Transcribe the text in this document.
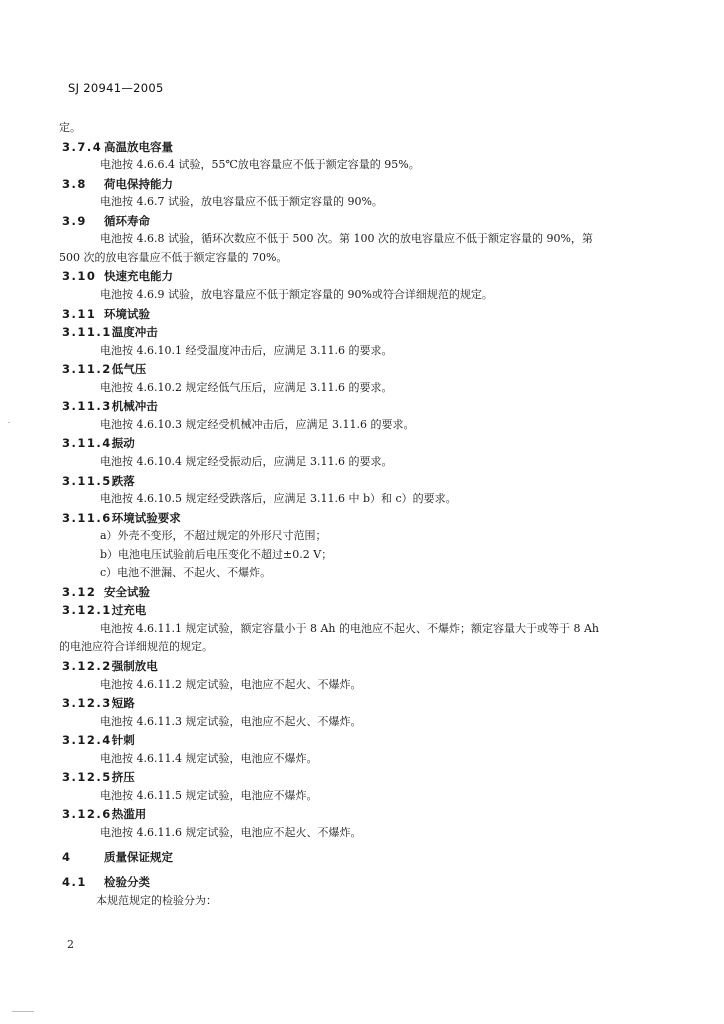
SJ 20941—2005
定。
3.7.4 高温放电容量
电池按 4.6.6.4 试验，55℃放电容量应不低于额定容量的 95%。
3.8 荷电保持能力
电池按 4.6.7 试验，放电容量应不低于额定容量的 90%。
3.9 循环寿命
电池按 4.6.8 试验，循环次数应不低于 500 次。第 100 次的放电容量应不低于额定容量的 90%，第
500 次的放电容量应不低于额定容量的 70%。
3.10 快速充电能力
电池按 4.6.9 试验，放电容量应不低于额定容量的 90%或符合详细规范的规定。
3.11 环境试验
3.11.1温度冲击
电池按 4.6.10.1 经受温度冲击后，应满足 3.11.6 的要求。
3.11.2低气压
电池按 4.6.10.2 规定经低气压后，应满足 3.11.6 的要求。
3.11.3机械冲击
电池按 4.6.10.3 规定经受机械冲击后，应满足 3.11.6 的要求。
3.11.4振动
电池按 4.6.10.4 规定经受振动后，应满足 3.11.6 的要求。
3.11.5跌落
电池按 4.6.10.5 规定经受跌落后，应满足 3.11.6 中 b）和 c）的要求。
3.11.6环境试验要求
a）外壳不变形，不超过规定的外形尺寸范围；
b）电池电压试验前后电压变化不超过±0.2 V；
c）电池不泄漏、不起火、不爆炸。
3.12 安全试验
3.12.1过充电
电池按 4.6.11.1 规定试验，额定容量小于 8 Ah 的电池应不起火、不爆炸；额定容量大于或等于 8 Ah
的电池应符合详细规范的规定。
3.12.2强制放电
电池按 4.6.11.2 规定试验，电池应不起火、不爆炸。
3.12.3短路
电池按 4.6.11.3 规定试验，电池应不起火、不爆炸。
3.12.4针刺
电池按 4.6.11.4 规定试验，电池应不爆炸。
3.12.5挤压
电池按 4.6.11.5 规定试验，电池应不爆炸。
3.12.6热滥用
电池按 4.6.11.6 规定试验，电池应不起火、不爆炸。
4	质量保证规定
4.1 检验分类
本规范规定的检验分为：
2
